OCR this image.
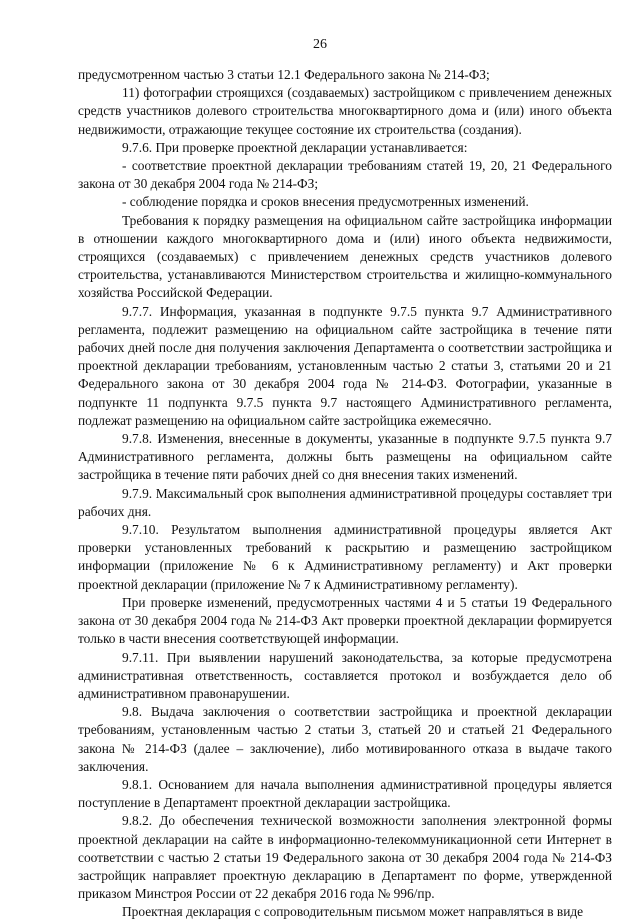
26

предусмотренном частью 3 статьи 12.1 Федерального закона № 214-ФЗ;

11) фотографии строящихся (создаваемых) застройщиком с привлечением денежных средств участников долевого строительства многоквартирного дома и (или) иного объекта недвижимости, отражающие текущее состояние их строительства (создания).

9.7.6. При проверке проектной декларации устанавливается:

- соответствие проектной декларации требованиям статей 19, 20, 21 Федерального закона от 30 декабря 2004 года № 214-ФЗ;

- соблюдение порядка и сроков внесения предусмотренных изменений.

Требования к порядку размещения на официальном сайте застройщика информации в отношении каждого многоквартирного дома и (или) иного объекта недвижимости, строящихся (создаваемых) с привлечением денежных средств участников долевого строительства, устанавливаются Министерством строительства и жилищно-коммунального хозяйства Российской Федерации.

9.7.7. Информация, указанная в подпункте 9.7.5 пункта 9.7 Административного регламента, подлежит размещению на официальном сайте застройщика в течение пяти рабочих дней после дня получения заключения Департамента о соответствии застройщика и проектной декларации требованиям, установленным частью 2 статьи 3, статьями 20 и 21 Федерального закона от 30 декабря 2004 года № 214-ФЗ. Фотографии, указанные в подпункте 11 подпункта 9.7.5 пункта 9.7 настоящего Административного регламента, подлежат размещению на официальном сайте застройщика ежемесячно.

9.7.8. Изменения, внесенные в документы, указанные в подпункте 9.7.5 пункта 9.7 Административного регламента, должны быть размещены на официальном сайте застройщика в течение пяти рабочих дней со дня внесения таких изменений.

9.7.9. Максимальный срок выполнения административной процедуры составляет три рабочих дня.

9.7.10. Результатом выполнения административной процедуры является Акт проверки установленных требований к раскрытию и размещению застройщиком информации (приложение № 6 к Административному регламенту) и Акт проверки проектной декларации (приложение № 7 к Административному регламенту).

При проверке изменений, предусмотренных частями 4 и 5 статьи 19 Федерального закона от 30 декабря 2004 года № 214-ФЗ Акт проверки проектной декларации формируется только в части внесения соответствующей информации.

9.7.11. При выявлении нарушений законодательства, за которые предусмотрена административная ответственность, составляется протокол и возбуждается дело об административном правонарушении.

9.8. Выдача заключения о соответствии застройщика и проектной декларации требованиям, установленным частью 2 статьи 3, статьей 20 и статьей 21 Федерального закона № 214-ФЗ (далее – заключение), либо мотивированного отказа в выдаче такого заключения.

9.8.1. Основанием для начала выполнения административной процедуры является поступление в Департамент проектной декларации застройщика.

9.8.2. До обеспечения технической возможности заполнения электронной формы проектной декларации на сайте в информационно-телекоммуникационной сети Интернет в соответствии с частью 2 статьи 19 Федерального закона от 30 декабря 2004 года № 214-ФЗ застройщик направляет проектную декларацию в Департамент по форме, утвержденной приказом Минстроя России от 22 декабря 2016 года № 996/пр.

Проектная декларация с сопроводительным письмом может направляться в виде
